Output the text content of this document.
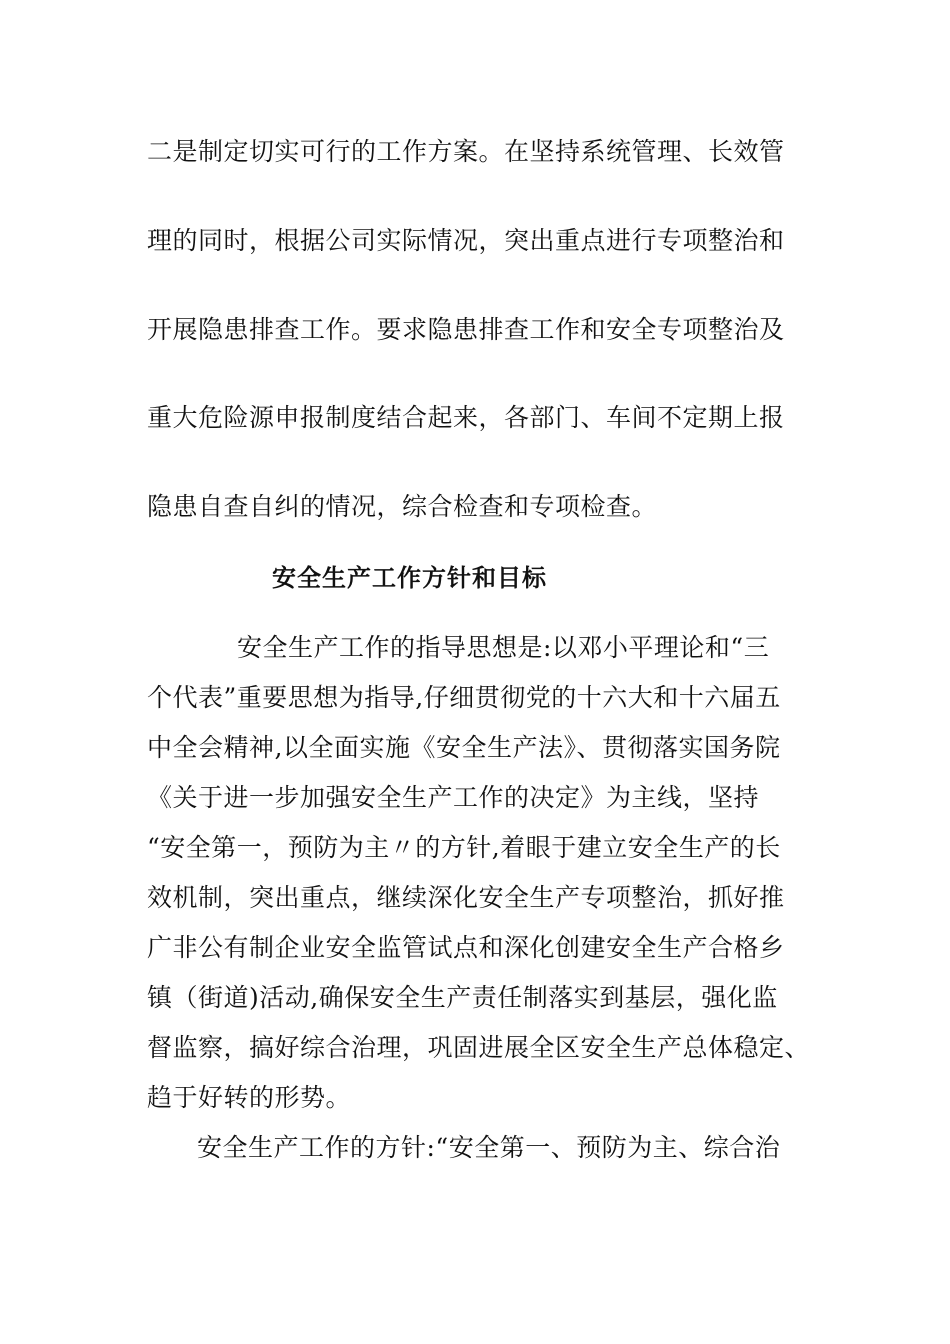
二是制定切实可行的工作方案。在坚持系统管理、长效管
理的同时，根据公司实际情况，突出重点进行专项整治和
开展隐患排查工作。要求隐患排查工作和安全专项整治及
重大危险源申报制度结合起来，各部门、车间不定期上报
隐患自查自纠的情况，综合检查和专项检查。
安全生产工作方针和目标
安全生产工作的指导思想是:以邓小平理论和“三
个代表”重要思想为指导,仔细贯彻党的十六大和十六届五
中全会精神,以全面实施《安全生产法》、贯彻落实国务院
《关于进一步加强安全生产工作的决定》为主线，坚持
“安全第一，预防为主〃的方针,着眼于建立安全生产的长
效机制，突出重点，继续深化安全生产专项整治，抓好推
广非公有制企业安全监管试点和深化创建安全生产合格乡
镇（街道)活动,确保安全生产责任制落实到基层，强化监
督监察，搞好综合治理，巩固进展全区安全生产总体稳定、
趋于好转的形势。
安全生产工作的方针:“安全第一、预防为主、综合治
